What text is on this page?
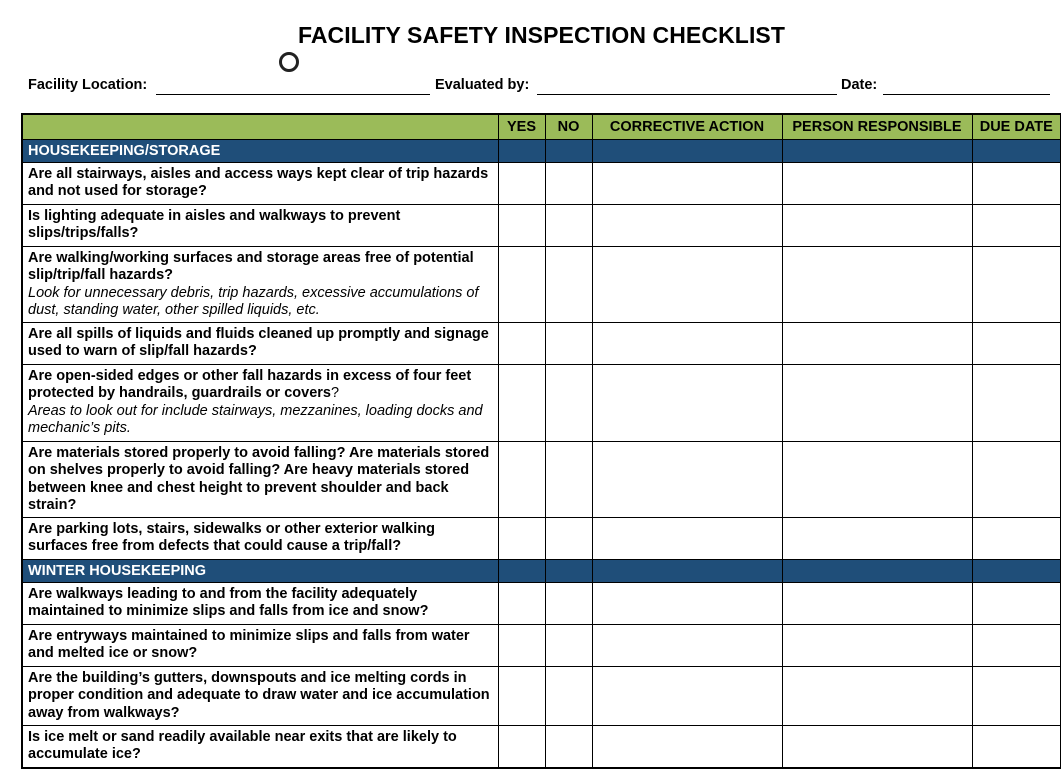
FACILITY SAFETY INSPECTION CHECKLIST
Facility Location:	Evaluated by:	Date:
	YES	NO	CORRECTIVE ACTION	PERSON RESPONSIBLE	DUE DATE
HOUSEKEEPING/STORAGE					
Are all stairways, aisles and access ways kept clear of trip hazards and not used for storage?					
Is lighting adequate in aisles and walkways to prevent slips/trips/falls?					
Are walking/working surfaces and storage areas free of potential slip/trip/fall hazards?
Look for unnecessary debris, trip hazards, excessive accumulations of dust, standing water, other spilled liquids, etc.					

Are all spills of liquids and fluids cleaned up promptly and signage used to warn of slip/fall hazards?					
Are open-sided edges or other fall hazards in excess of four feet protected by handrails, guardrails or covers?
Areas to look out for include stairways, mezzanines, loading docks and mechanic’s pits.					

Are materials stored properly to avoid falling? Are materials stored on shelves properly to avoid falling? Are heavy materials stored between knee and chest height to prevent shoulder and back strain?					
Are parking lots, stairs, sidewalks or other exterior walking surfaces free from defects that could cause a trip/fall?					
WINTER HOUSEKEEPING					
Are walkways leading to and from the facility adequately maintained to minimize slips and falls from ice and snow?					
Are entryways maintained to minimize slips and falls from water and melted ice or snow?					
Are the building’s gutters, downspouts and ice melting cords in proper condition and adequate to draw water and ice accumulation away from walkways?					
Is ice melt or sand readily available near exits that are likely to accumulate ice?					
